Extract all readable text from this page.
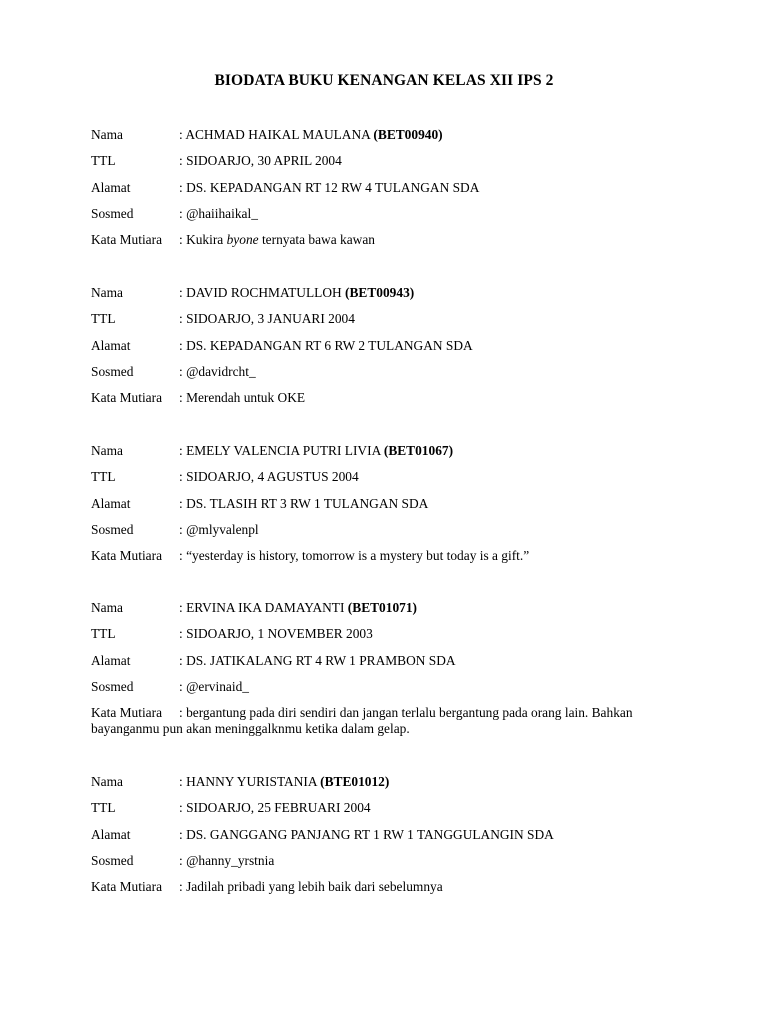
BIODATA BUKU KENANGAN KELAS XII IPS 2
Nama	: ACHMAD HAIKAL MAULANA (BET00940)
TTL	: SIDOARJO, 30 APRIL 2004
Alamat	: DS. KEPADANGAN RT 12 RW 4 TULANGAN SDA
Sosmed	: @haiihaikal_
Kata Mutiara : Kukira byone ternyata bawa kawan
Nama	: DAVID ROCHMATULLOH (BET00943)
TTL	: SIDOARJO, 3 JANUARI 2004
Alamat	: DS. KEPADANGAN RT 6 RW 2 TULANGAN SDA
Sosmed	: @davidrcht_
Kata Mutiara : Merendah untuk OKE
Nama	: EMELY VALENCIA PUTRI LIVIA (BET01067)
TTL	: SIDOARJO, 4 AGUSTUS 2004
Alamat	: DS. TLASIH RT 3 RW 1 TULANGAN SDA
Sosmed	: @mlyvalenpl
Kata Mutiara : “yesterday is history, tomorrow is a mystery but today is a gift.”
Nama	: ERVINA IKA DAMAYANTI (BET01071)
TTL	: SIDOARJO, 1 NOVEMBER 2003
Alamat	: DS. JATIKALANG RT 4 RW 1 PRAMBON SDA
Sosmed	: @ervinaid_
Kata Mutiara : bergantung pada diri sendiri dan jangan terlalu bergantung pada orang lain. Bahkan bayanganmu pun akan meninggalknmu ketika dalam gelap.
Nama	: HANNY YURISTANIA (BTE01012)
TTL	: SIDOARJO, 25 FEBRUARI 2004
Alamat	: DS. GANGGANG PANJANG RT 1 RW 1 TANGGULANGIN SDA
Sosmed	: @hanny_yrstnia
Kata Mutiara : Jadilah pribadi yang lebih baik dari sebelumnya
